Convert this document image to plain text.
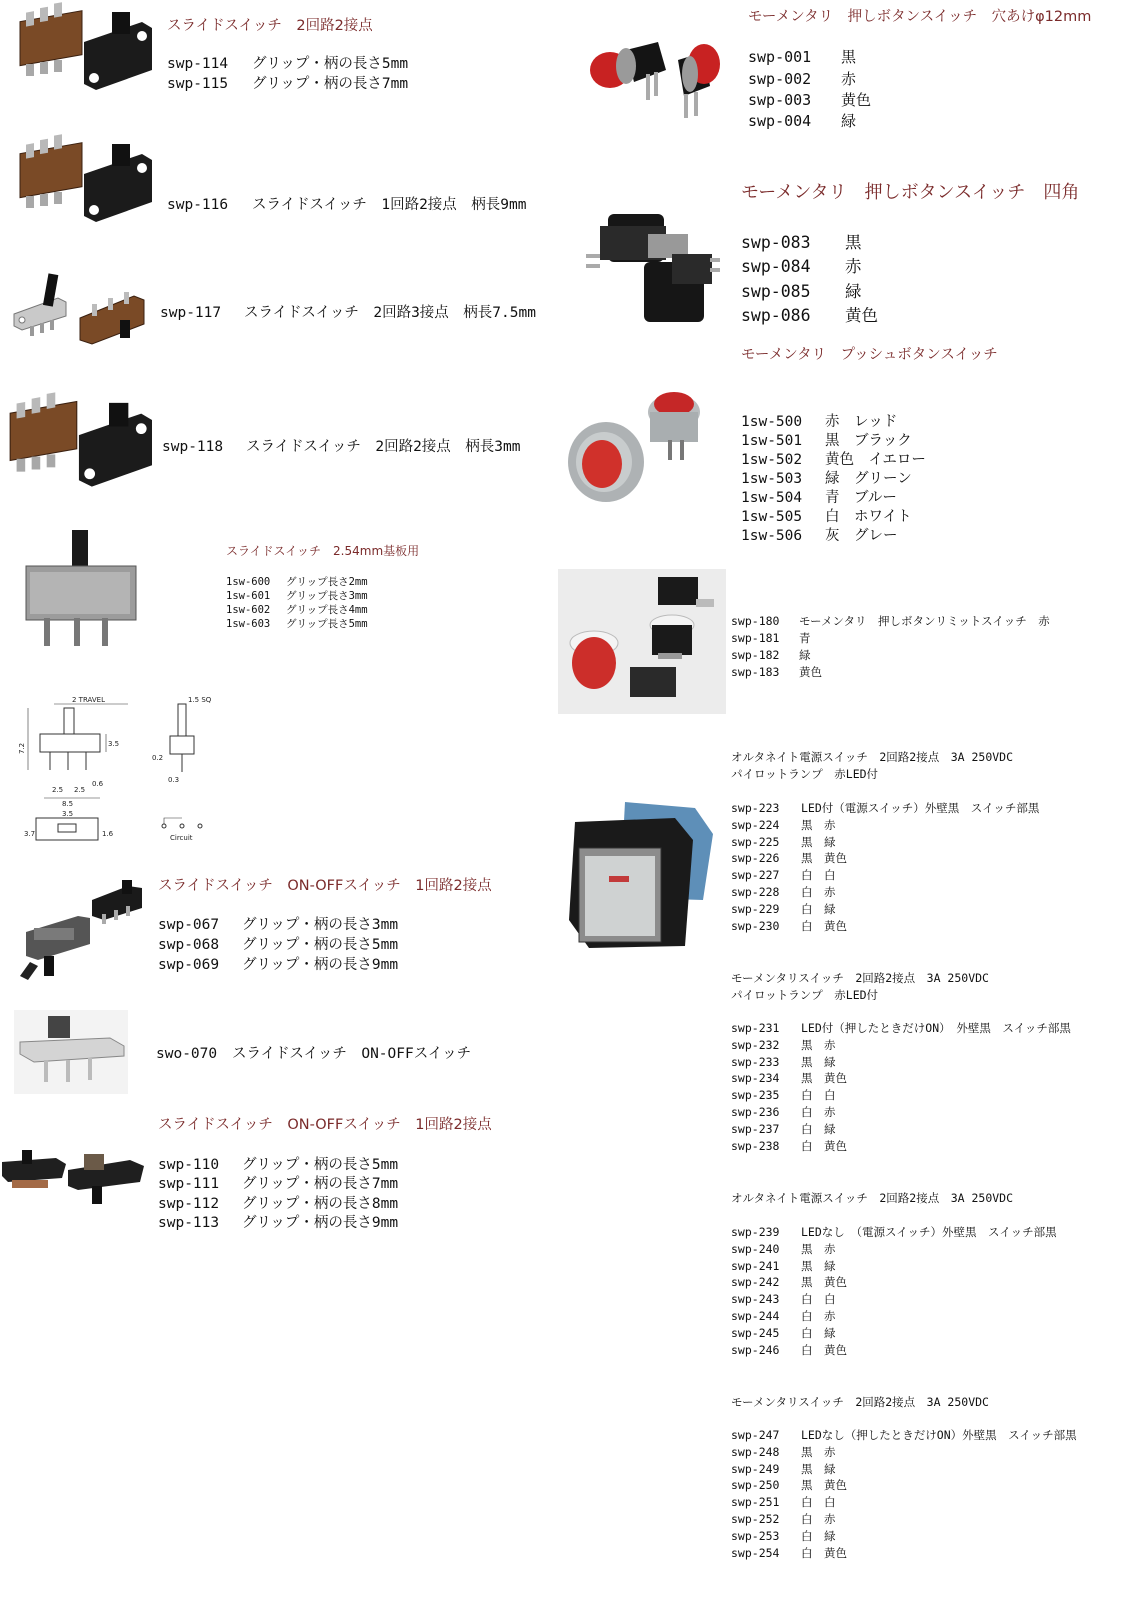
スライドスイッチ　2回路2接点
swp-114 グリップ・柄の長さ5mm
swp-115 グリップ・柄の長さ7mm
swp-116 スライドスイッチ　1回路2接点　柄長9mm
swp-117 スライドスイッチ　2回路3接点　柄長7.5mm
swp-118 スライドスイッチ　2回路2接点　柄長3mm
スライドスイッチ　2.54mm基板用
1sw-600 グリップ長さ2mm
1sw-601 グリップ長さ3mm
1sw-602 グリップ長さ4mm
1sw-603 グリップ長さ5mm
2 TRAVEL
7.2	3.5
0.6
2.5 2.5
8.5
3.5
3.7	1.6
1.5 SQ
0.2
0.3
Circuit
スライドスイッチ　ON-OFFスイッチ　1回路2接点
swp-067 グリップ・柄の長さ3mm
swp-068 グリップ・柄の長さ5mm
swp-069 グリップ・柄の長さ9mm
swo-070 スライドスイッチ　ON-OFFスイッチ
スライドスイッチ　ON-OFFスイッチ　1回路2接点
swp-110 グリップ・柄の長さ5mm
swp-111 グリップ・柄の長さ7mm
swp-112 グリップ・柄の長さ8mm
swp-113 グリップ・柄の長さ9mm
モーメンタリ　押しボタンスイッチ　穴あけφ12mm
swp-001 黒
swp-002 赤
swp-003 黄色
swp-004 緑
モーメンタリ　押しボタンスイッチ　四角
swp-083 黒
swp-084 赤
swp-085 緑
swp-086 黄色
モーメンタリ　プッシュボタンスイッチ
1sw-500 赤　レッド
1sw-501 黒　ブラック
1sw-502 黄色　イエロー
1sw-503 緑　グリーン
1sw-504 青　ブルー
1sw-505 白　ホワイト
1sw-506 灰　グレー
swp-180 モーメンタリ　押しボタンリミットスイッチ　赤
swp-181 青
swp-182 緑
swp-183 黄色
オルタネイト電源スイッチ　2回路2接点　3A 250VDC
パイロットランプ　赤LED付
swp-223 LED付（電源スイッチ）外壁黒　スイッチ部黒
swp-224 黒　赤
swp-225 黒　緑
swp-226 黒　黄色
swp-227 白　白
swp-228 白　赤
swp-229 白　緑
swp-230 白　黄色
モーメンタリスイッチ　2回路2接点　3A 250VDC
パイロットランプ　赤LED付
swp-231 LED付（押したときだけON）　外壁黒　スイッチ部黒
swp-232 黒　赤
swp-233 黒　緑
swp-234 黒　黄色
swp-235 白　白
swp-236 白　赤
swp-237 白　緑
swp-238 白　黄色
オルタネイト電源スイッチ　2回路2接点　3A 250VDC
swp-239 LEDなし　（電源スイッチ）外壁黒　スイッチ部黒
swp-240 黒　赤
swp-241 黒　緑
swp-242 黒　黄色
swp-243 白　白
swp-244 白　赤
swp-245 白　緑
swp-246 白　黄色
モーメンタリスイッチ　2回路2接点　3A 250VDC
swp-247 LEDなし（押したときだけON）外壁黒　スイッチ部黒
swp-248 黒　赤
swp-249 黒　緑
swp-250 黒　黄色
swp-251 白　白
swp-252 白　赤
swp-253 白　緑
swp-254 白　黄色
